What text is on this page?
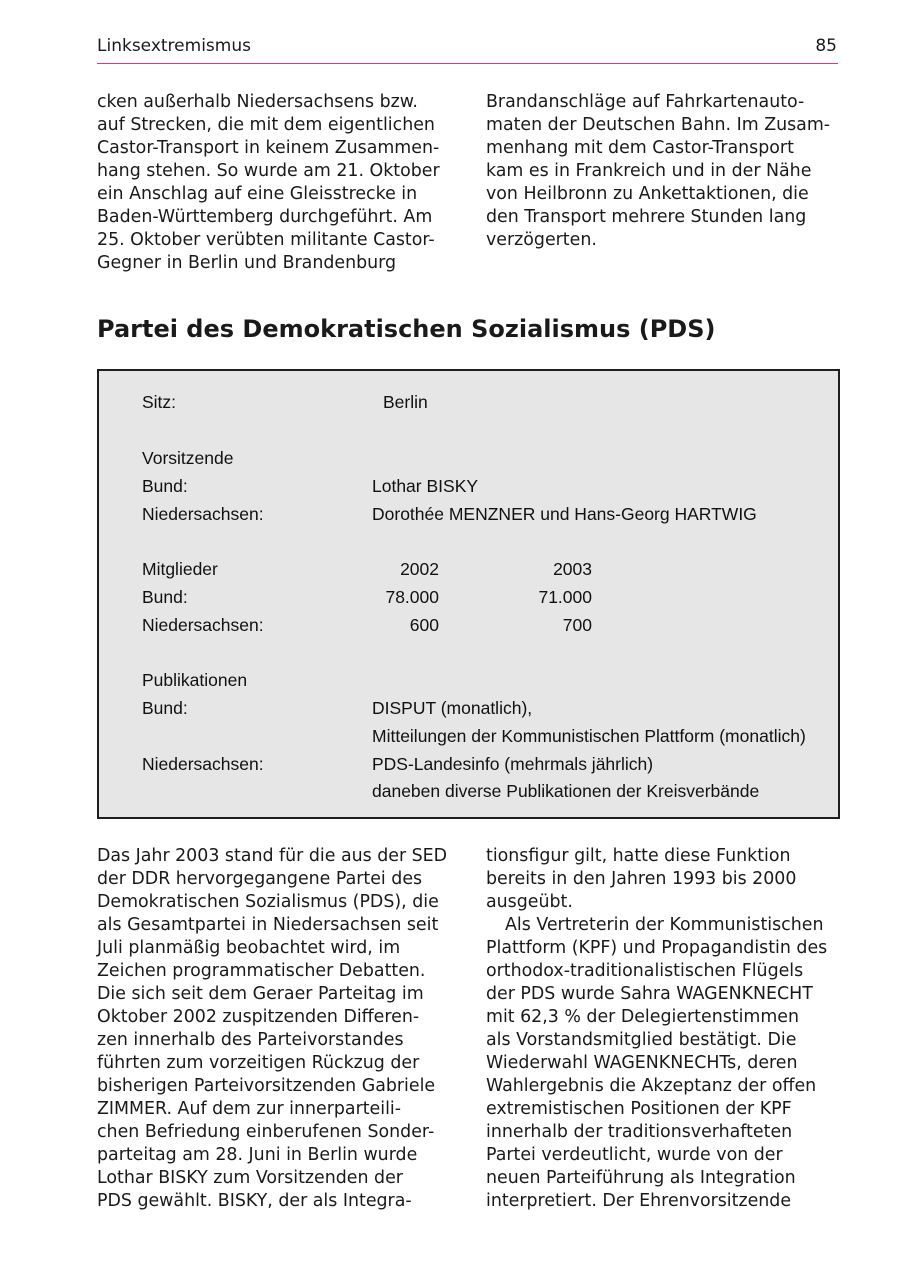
Linksextremismus	85
cken außerhalb Niedersachsens bzw.
auf Strecken, die mit dem eigentlichen
Castor-Transport in keinem Zusammen-
hang stehen. So wurde am 21. Oktober
ein Anschlag auf eine Gleisstrecke in
Baden-Württemberg durchgeführt. Am
25. Oktober verübten militante Castor-
Gegner in Berlin und Brandenburg
Brandanschläge auf Fahrkartenauto-
maten der Deutschen Bahn. Im Zusam-
menhang mit dem Castor-Transport
kam es in Frankreich und in der Nähe
von Heilbronn zu Ankettaktionen, die
den Transport mehrere Stunden lang
verzögerten.
Partei des Demokratischen Sozialismus (PDS)
Sitz:	Berlin
Vorsitzende
Bund:	Lothar BISKY
Niedersachsen:	Dorothée MENZNER und Hans-Georg HARTWIG
Mitglieder	2002	2003
Bund:	78.000	71.000
Niedersachsen:	600	700
Publikationen
Bund:	DISPUT (monatlich),
Mitteilungen der Kommunistischen Plattform (monatlich)
Niedersachsen:	PDS-Landesinfo (mehrmals jährlich)
daneben diverse Publikationen der Kreisverbände
Das Jahr 2003 stand für die aus der SED
der DDR hervorgegangene Partei des
Demokratischen Sozialismus (PDS), die
als Gesamtpartei in Niedersachsen seit
Juli planmäßig beobachtet wird, im
Zeichen programmatischer Debatten.
Die sich seit dem Geraer Parteitag im
Oktober 2002 zuspitzenden Differen-
zen innerhalb des Parteivorstandes
führten zum vorzeitigen Rückzug der
bisherigen Parteivorsitzenden Gabriele
ZIMMER. Auf dem zur innerparteili-
chen Befriedung einberufenen Sonder-
parteitag am 28. Juni in Berlin wurde
Lothar BISKY zum Vorsitzenden der
PDS gewählt. BISKY, der als Integra-
tionsfigur gilt, hatte diese Funktion
bereits in den Jahren 1993 bis 2000
ausgeübt.
Als Vertreterin der Kommunistischen
Plattform (KPF) und Propagandistin des
orthodox-traditionalistischen Flügels
der PDS wurde Sahra WAGENKNECHT
mit 62,3 % der Delegiertenstimmen
als Vorstandsmitglied bestätigt. Die
Wiederwahl WAGENKNECHTs, deren
Wahlergebnis die Akzeptanz der offen
extremistischen Positionen der KPF
innerhalb der traditionsverhafteten
Partei verdeutlicht, wurde von der
neuen Parteiführung als Integration
interpretiert. Der Ehrenvorsitzende
